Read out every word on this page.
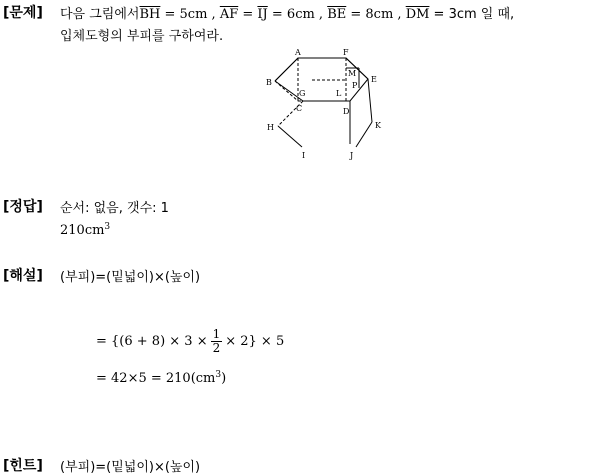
[문제] 다음 그림에서$\overline{BH} = 5cm$ , $\overline{AF} = \overline{IJ} = 6cm$ , $\overline{BE} = 8cm$ , $\overline{DM} = 3cm$ 일 때,
입체도형의 부피를 구하여라.
A	F
B	E
M
P
G	L
C	D
H	K
I	J
[정답] 순서: 없음, 갯수: 1
$210cm^3$
[해설] (부피)=(밑넓이)×(높이)
= $\{(6 + 8) \times 3 \times \frac{1}{2} \times 2\} \times 5$
= $42\times 5 = 210(cm^3)$
[힌트] (부피)=(밑넓이)×(높이)
